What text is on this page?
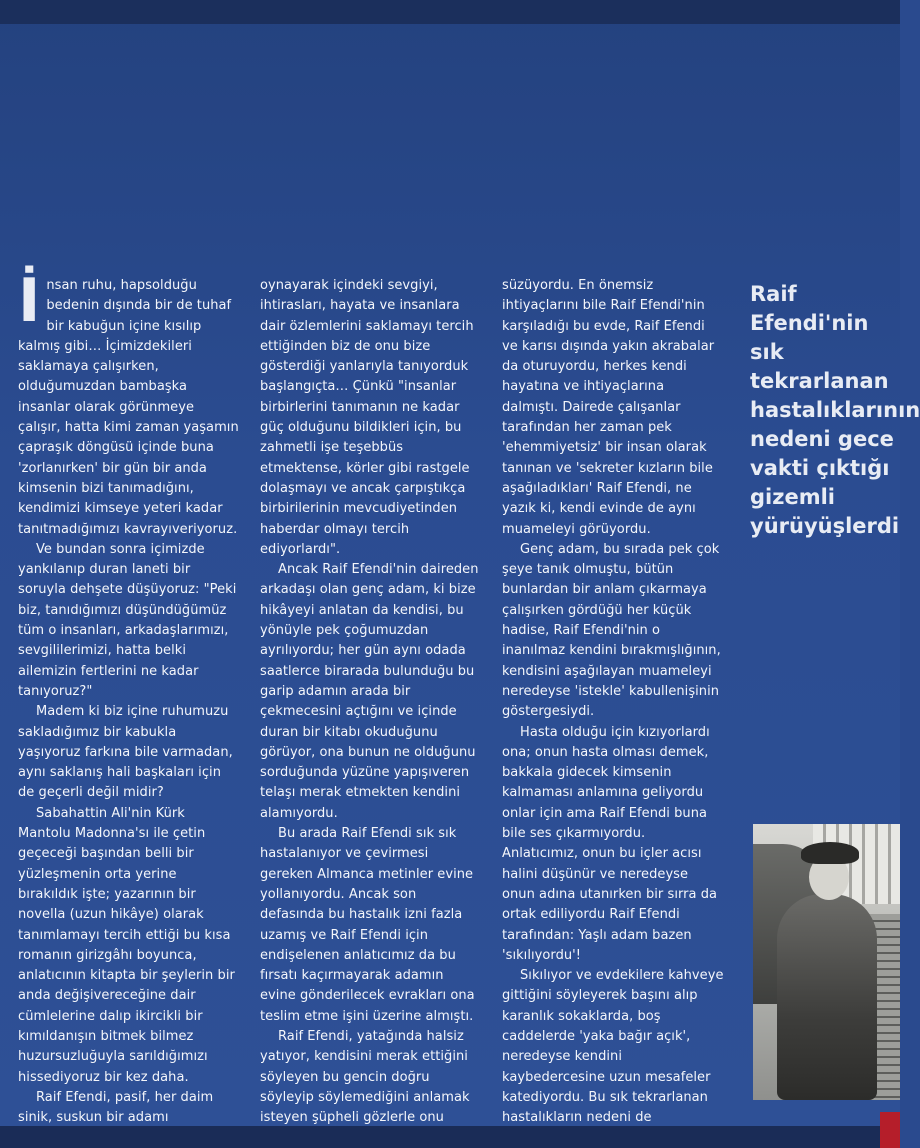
İnsan ruhu, hapsolduğu bedenin dışında bir de tuhaf bir kabuğun içine kısılıp kalmış gibi… İçimizdekileri saklamaya çalışırken, olduğumuzdan bambaşka insanlar olarak görünmeye çalışır, hatta kimi zaman yaşamın çapraşık döngüsü içinde buna 'zorlanırken' bir gün bir anda kimsenin bizi tanımadığını, kendimizi kimseye yeteri kadar tanıtmadığımızı kavrayıveriyoruz.

Ve bundan sonra içimizde yankılanıp duran laneti bir soruyla dehşete düşüyoruz: "Peki biz, tanıdığımızı düşündüğümüz tüm o insanları, arkadaşlarımızı, sevgililerimizi, hatta belki ailemizin fertlerini ne kadar tanıyoruz?"

Madem ki biz içine ruhumuzu sakladığımız bir kabukla yaşıyoruz farkına bile varmadan, aynı saklanış hali başkaları için de geçerli değil midir?

Sabahattin Ali'nin Kürk Mantolu Madonna'sı ile çetin geçeceği başından belli bir yüzleşmenin orta yerine bırakıldık işte; yazarının bir novella (uzun hikâye) olarak tanımlamayı tercih ettiği bu kısa romanın girizgâhı boyunca, anlatıcının kitapta bir şeylerin bir anda değişivereceğine dair cümlelerine dalıp ikircikli bir kımıldanışın bitmek bilmez huzursuzluğuyla sarıldığımızı hissediyoruz bir kez daha.

Raif Efendi, pasif, her daim sinik, suskun bir adamı

oynayarak içindeki sevgiyi, ihtirasları, hayata ve insanlara dair özlemlerini saklamayı tercih ettiğinden biz de onu bize gösterdiği yanlarıyla tanıyorduk başlangıçta… Çünkü "insanlar birbirlerini tanımanın ne kadar güç olduğunu bildikleri için, bu zahmetli işe teşebbüs etmektense, körler gibi rastgele dolaşmayı ve ancak çarpıştıkça birbirilerinin mevcudiyetinden haberdar olmayı tercih ediyorlardı".

Ancak Raif Efendi'nin daireden arkadaşı olan genç adam, ki bize hikâyeyi anlatan da kendisi, bu yönüyle pek çoğumuzdan ayrılıyordu; her gün aynı odada saatlerce birarada bulunduğu bu garip adamın arada bir çekmecesini açtığını ve içinde duran bir kitabı okuduğunu görüyor, ona bunun ne olduğunu sorduğunda yüzüne yapışıveren telaşı merak etmekten kendini alamıyordu.

Bu arada Raif Efendi sık sık hastalanıyor ve çevirmesi gereken Almanca metinler evine yollanıyordu. Ancak son defasında bu hastalık izni fazla uzamış ve Raif Efendi için endişelenen anlatıcımız da bu fırsatı kaçırmayarak adamın evine gönderilecek evrakları ona teslim etme işini üzerine almıştı.

Raif Efendi, yatağında halsiz yatıyor, kendisini merak ettiğini söyleyen bu gencin doğru söyleyip söylemediğini anlamak isteyen şüpheli gözlerle onu

süzüyordu. En önemsiz ihtiyaçlarını bile Raif Efendi'nin karşıladığı bu evde, Raif Efendi ve karısı dışında yakın akrabalar da oturuyordu, herkes kendi hayatına ve ihtiyaçlarına dalmıştı. Dairede çalışanlar tarafından her zaman pek 'ehemmiyetsiz' bir insan olarak tanınan ve 'sekreter kızların bile aşağıladıkları' Raif Efendi, ne yazık ki, kendi evinde de aynı muameleyi görüyordu.

Genç adam, bu sırada pek çok şeye tanık olmuştu, bütün bunlardan bir anlam çıkarmaya çalışırken gördüğü her küçük hadise, Raif Efendi'nin o inanılmaz kendini bırakmışlığının, kendisini aşağılayan muameleyi neredeyse 'istekle' kabullenişinin göstergesiydi.

Hasta olduğu için kızıyorlardı ona; onun hasta olması demek, bakkala gidecek kimsenin kalmaması anlamına geliyordu onlar için ama Raif Efendi buna bile ses çıkarmıyordu. Anlatıcımız, onun bu içler acısı halini düşünür ve neredeyse onun adına utanırken bir sırra da ortak ediliyordu Raif Efendi tarafından: Yaşlı adam bazen 'sıkılıyordu'!

Sıkılıyor ve evdekilere kahveye gittiğini söyleyerek başını alıp karanlık sokaklarda, boş caddelerde 'yaka bağır açık', neredeyse kendini kaybedercesine uzun mesafeler katediyordu. Bu sık tekrarlanan hastalıkların nedeni de

Raif Efendi'nin
sık tekrarlanan
hastalıklarının
nedeni gece
vakti çıktığı
gizemli
yürüyüşlerdi
